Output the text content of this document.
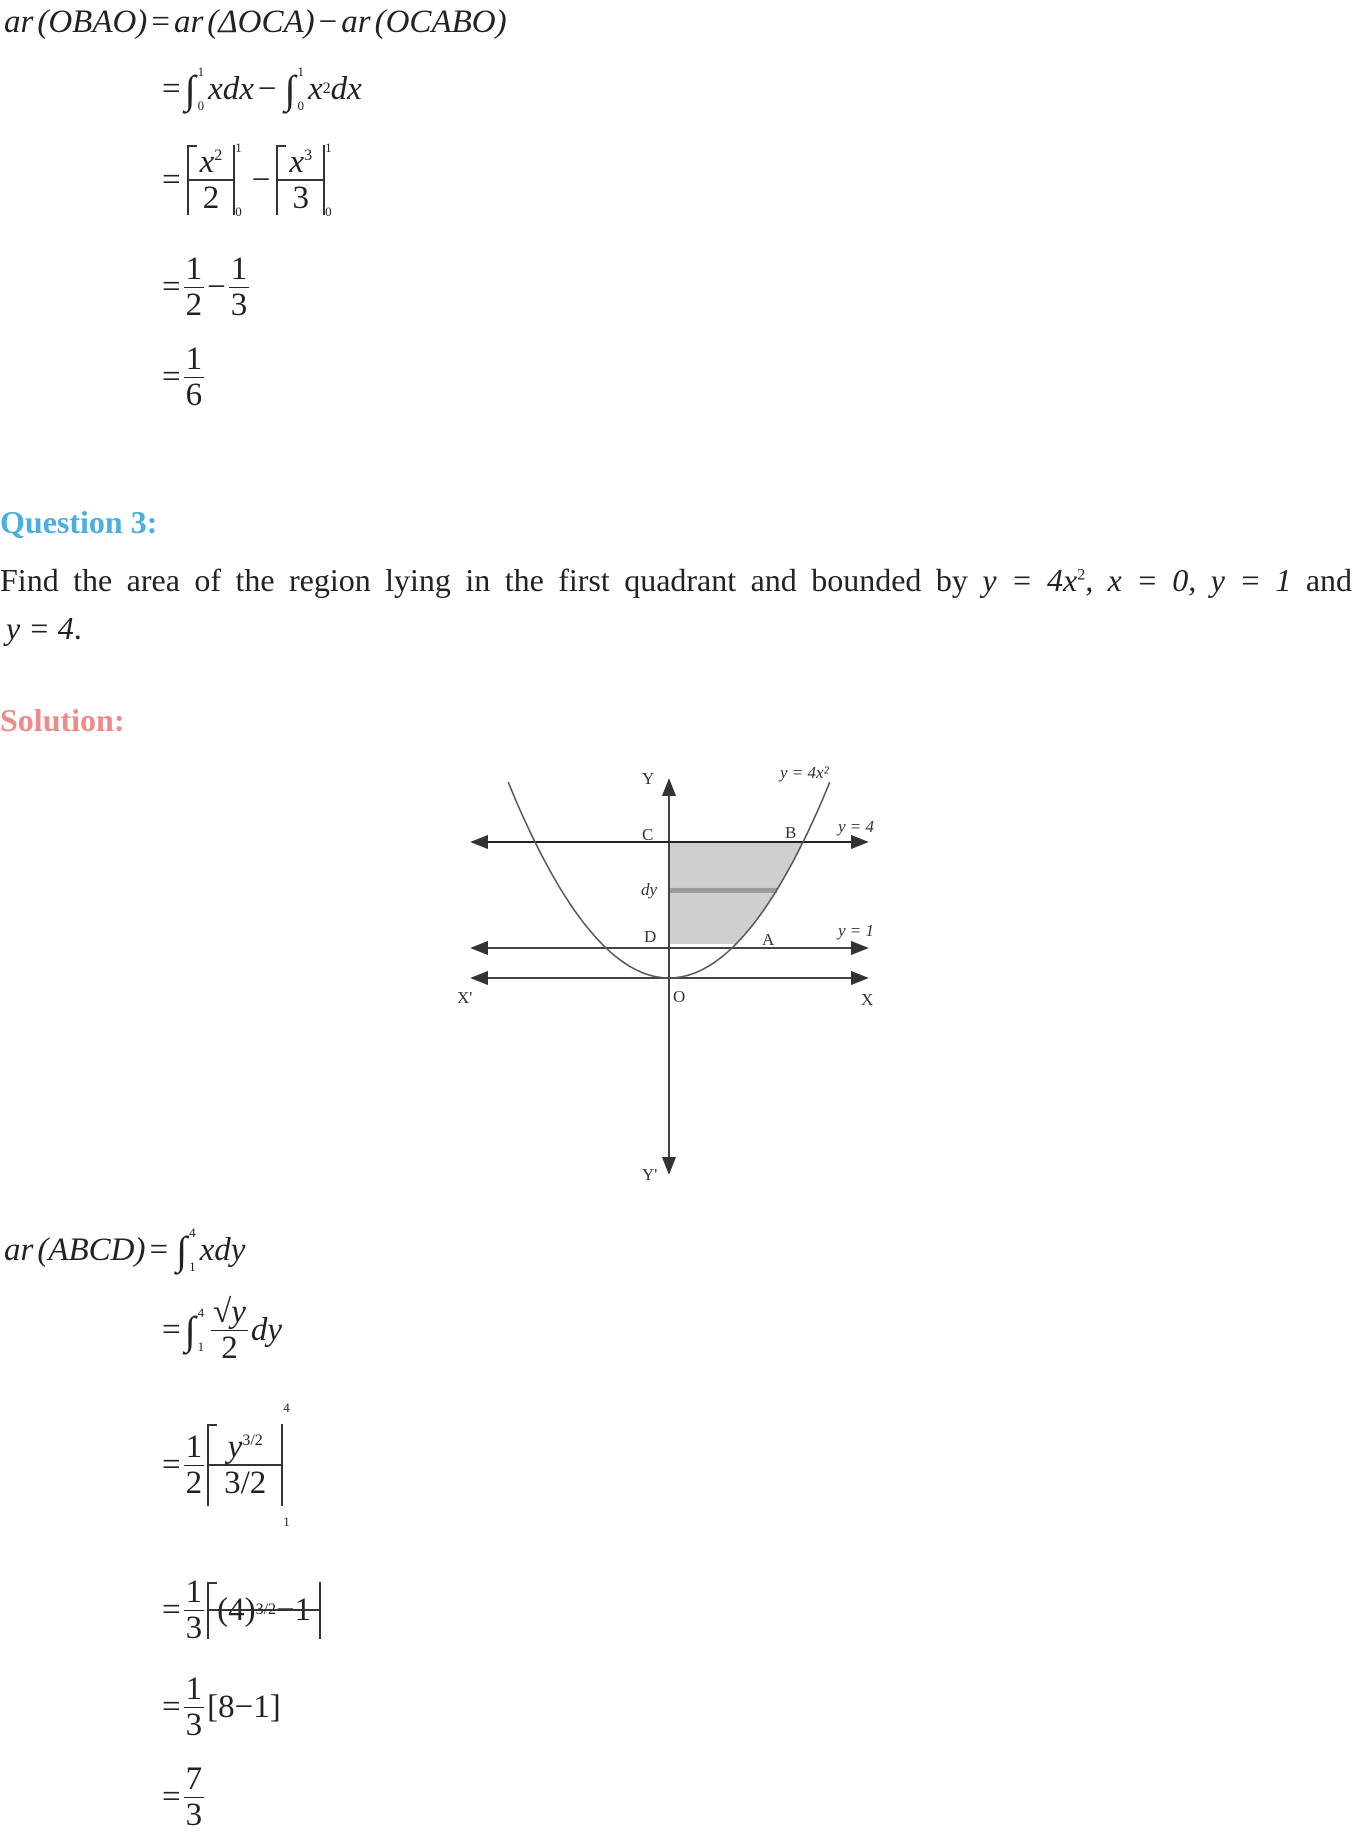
ar (OBAO) = ar (ΔOCA) − ar (OCABO)
= ∫ 1
0 xdx − ∫ 1
0 x 2 dx
= $x^2$
2
1
0
− $x^3$
3
1
0
= $\frac{1}{2} - \frac{1}{3}$
= $\frac{1}{6}$
Question 3:
Find the area of the region lying in the first quadrant and bounded by $y = 4x^2$, x = 0, y = 1 and
y = 4.
Solution:
Y
C	B
y = 4x²
y = 4
dy
D	A	y = 1
X'	O	X
Y'
ar (ABCD) = ∫ 4
1 xdy
= ∫ 4
$1 \frac{√y}{2}$ dy
= $\frac{1}{2} y^{3/2}$
3/2
4
1
= $\frac{1}{3} (4)$ 3/2 −1
= $\frac{1}{3} [8-1]$
= $\frac{7}{3}$
